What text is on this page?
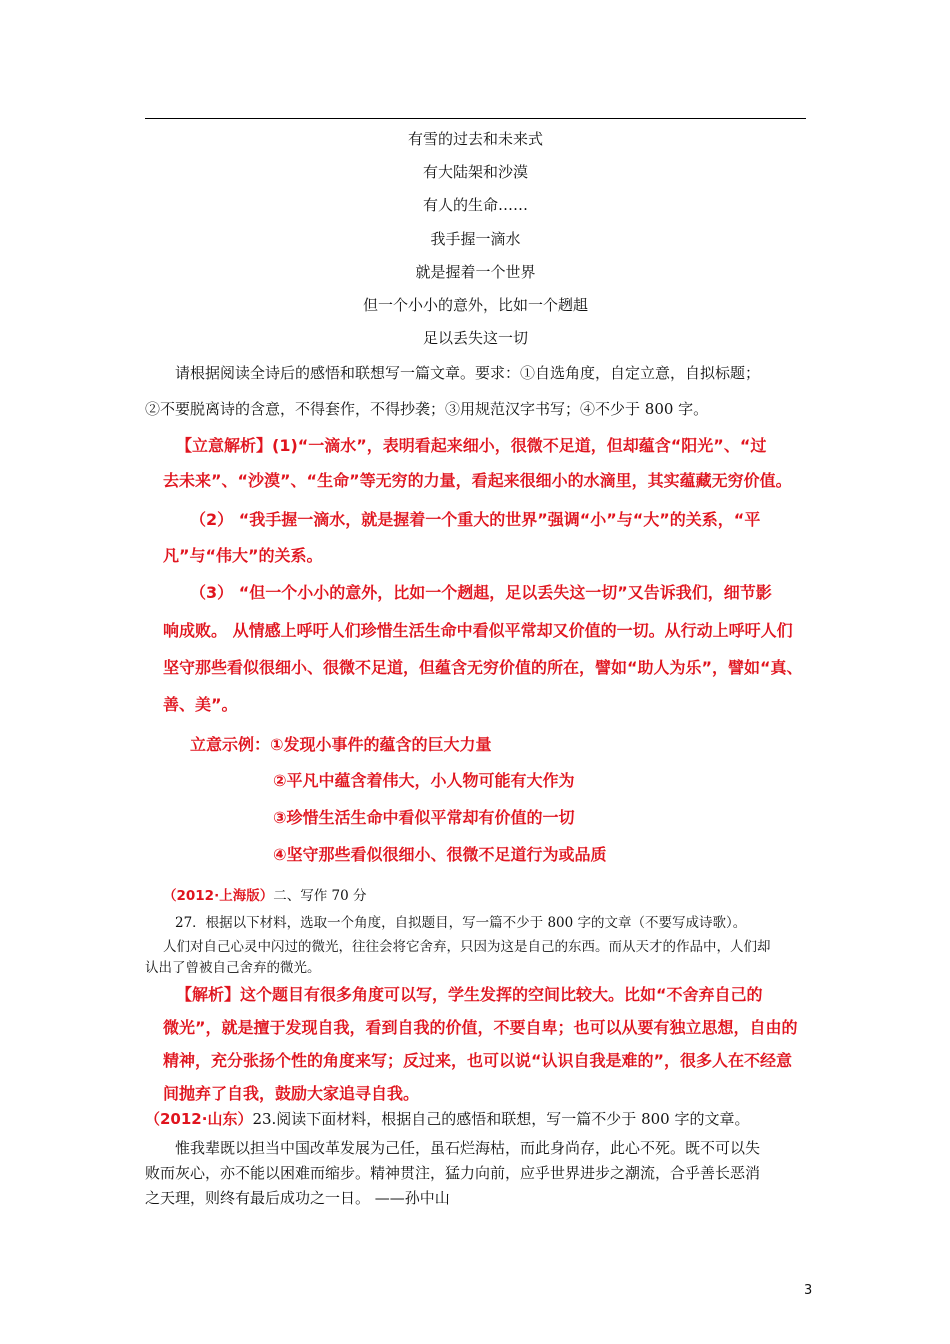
有雪的过去和未来式
有大陆架和沙漠
有人的生命……
我手握一滴水
就是握着一个世界
但一个小小的意外，比如一个趔趄
足以丢失这一切
请根据阅读全诗后的感悟和联想写一篇文章。要求：①自选角度，自定立意，自拟标题；
②不要脱离诗的含意，不得套作，不得抄袭；③用规范汉字书写；④不少于 800 字。
【立意解析】(1)“一滴水”，表明看起来细小，很微不足道，但却蕴含“阳光”、“过
去未来”、“沙漠”、“生命”等无穷的力量，看起来很细小的水滴里，其实蕴藏无穷价值。
（2） “我手握一滴水，就是握着一个重大的世界”强调“小”与“大”的关系，“平
凡”与“伟大”的关系。
（3） “但一个小小的意外，比如一个趔趄，足以丢失这一切”又告诉我们，细节影
响成败。 从情感上呼吁人们珍惜生活生命中看似平常却又价值的一切。从行动上呼吁人们
坚守那些看似很细小、很微不足道，但蕴含无穷价值的所在，譬如“助人为乐”，譬如“真、
善、美”。
立意示例：①发现小事件的蕴含的巨大力量
②平凡中蕴含着伟大，小人物可能有大作为
③珍惜生活生命中看似平常却有价值的一切
④坚守那些看似很细小、很微不足道行为或品质
（2012·上海版）二、写作 70 分
27．根据以下材料，选取一个角度，自拟题目，写一篇不少于 800 字的文章（不要写成诗歌）。
人们对自己心灵中闪过的微光，往往会将它舍弃，只因为这是自己的东西。而从天才的作品中，人们却
认出了曾被自己舍弃的微光。
【解析】这个题目有很多角度可以写，学生发挥的空间比较大。比如“不舍弃自己的
微光”，就是擅于发现自我，看到自我的价值，不要自卑；也可以从要有独立思想，自由的
精神，充分张扬个性的角度来写；反过来，也可以说“认识自我是难的”，很多人在不经意
间抛弃了自我，鼓励大家追寻自我。
（2012·山东）23.阅读下面材料，根据自己的感悟和联想，写一篇不少于 800 字的文章。
惟我辈既以担当中国改革发展为己任，虽石烂海枯，而此身尚存，此心不死。既不可以失
败而灰心，亦不能以困难而缩步。精神贯注，猛力向前，应乎世界进步之潮流，合乎善长恶消
之天理，则终有最后成功之一日。 ——孙中山
3
